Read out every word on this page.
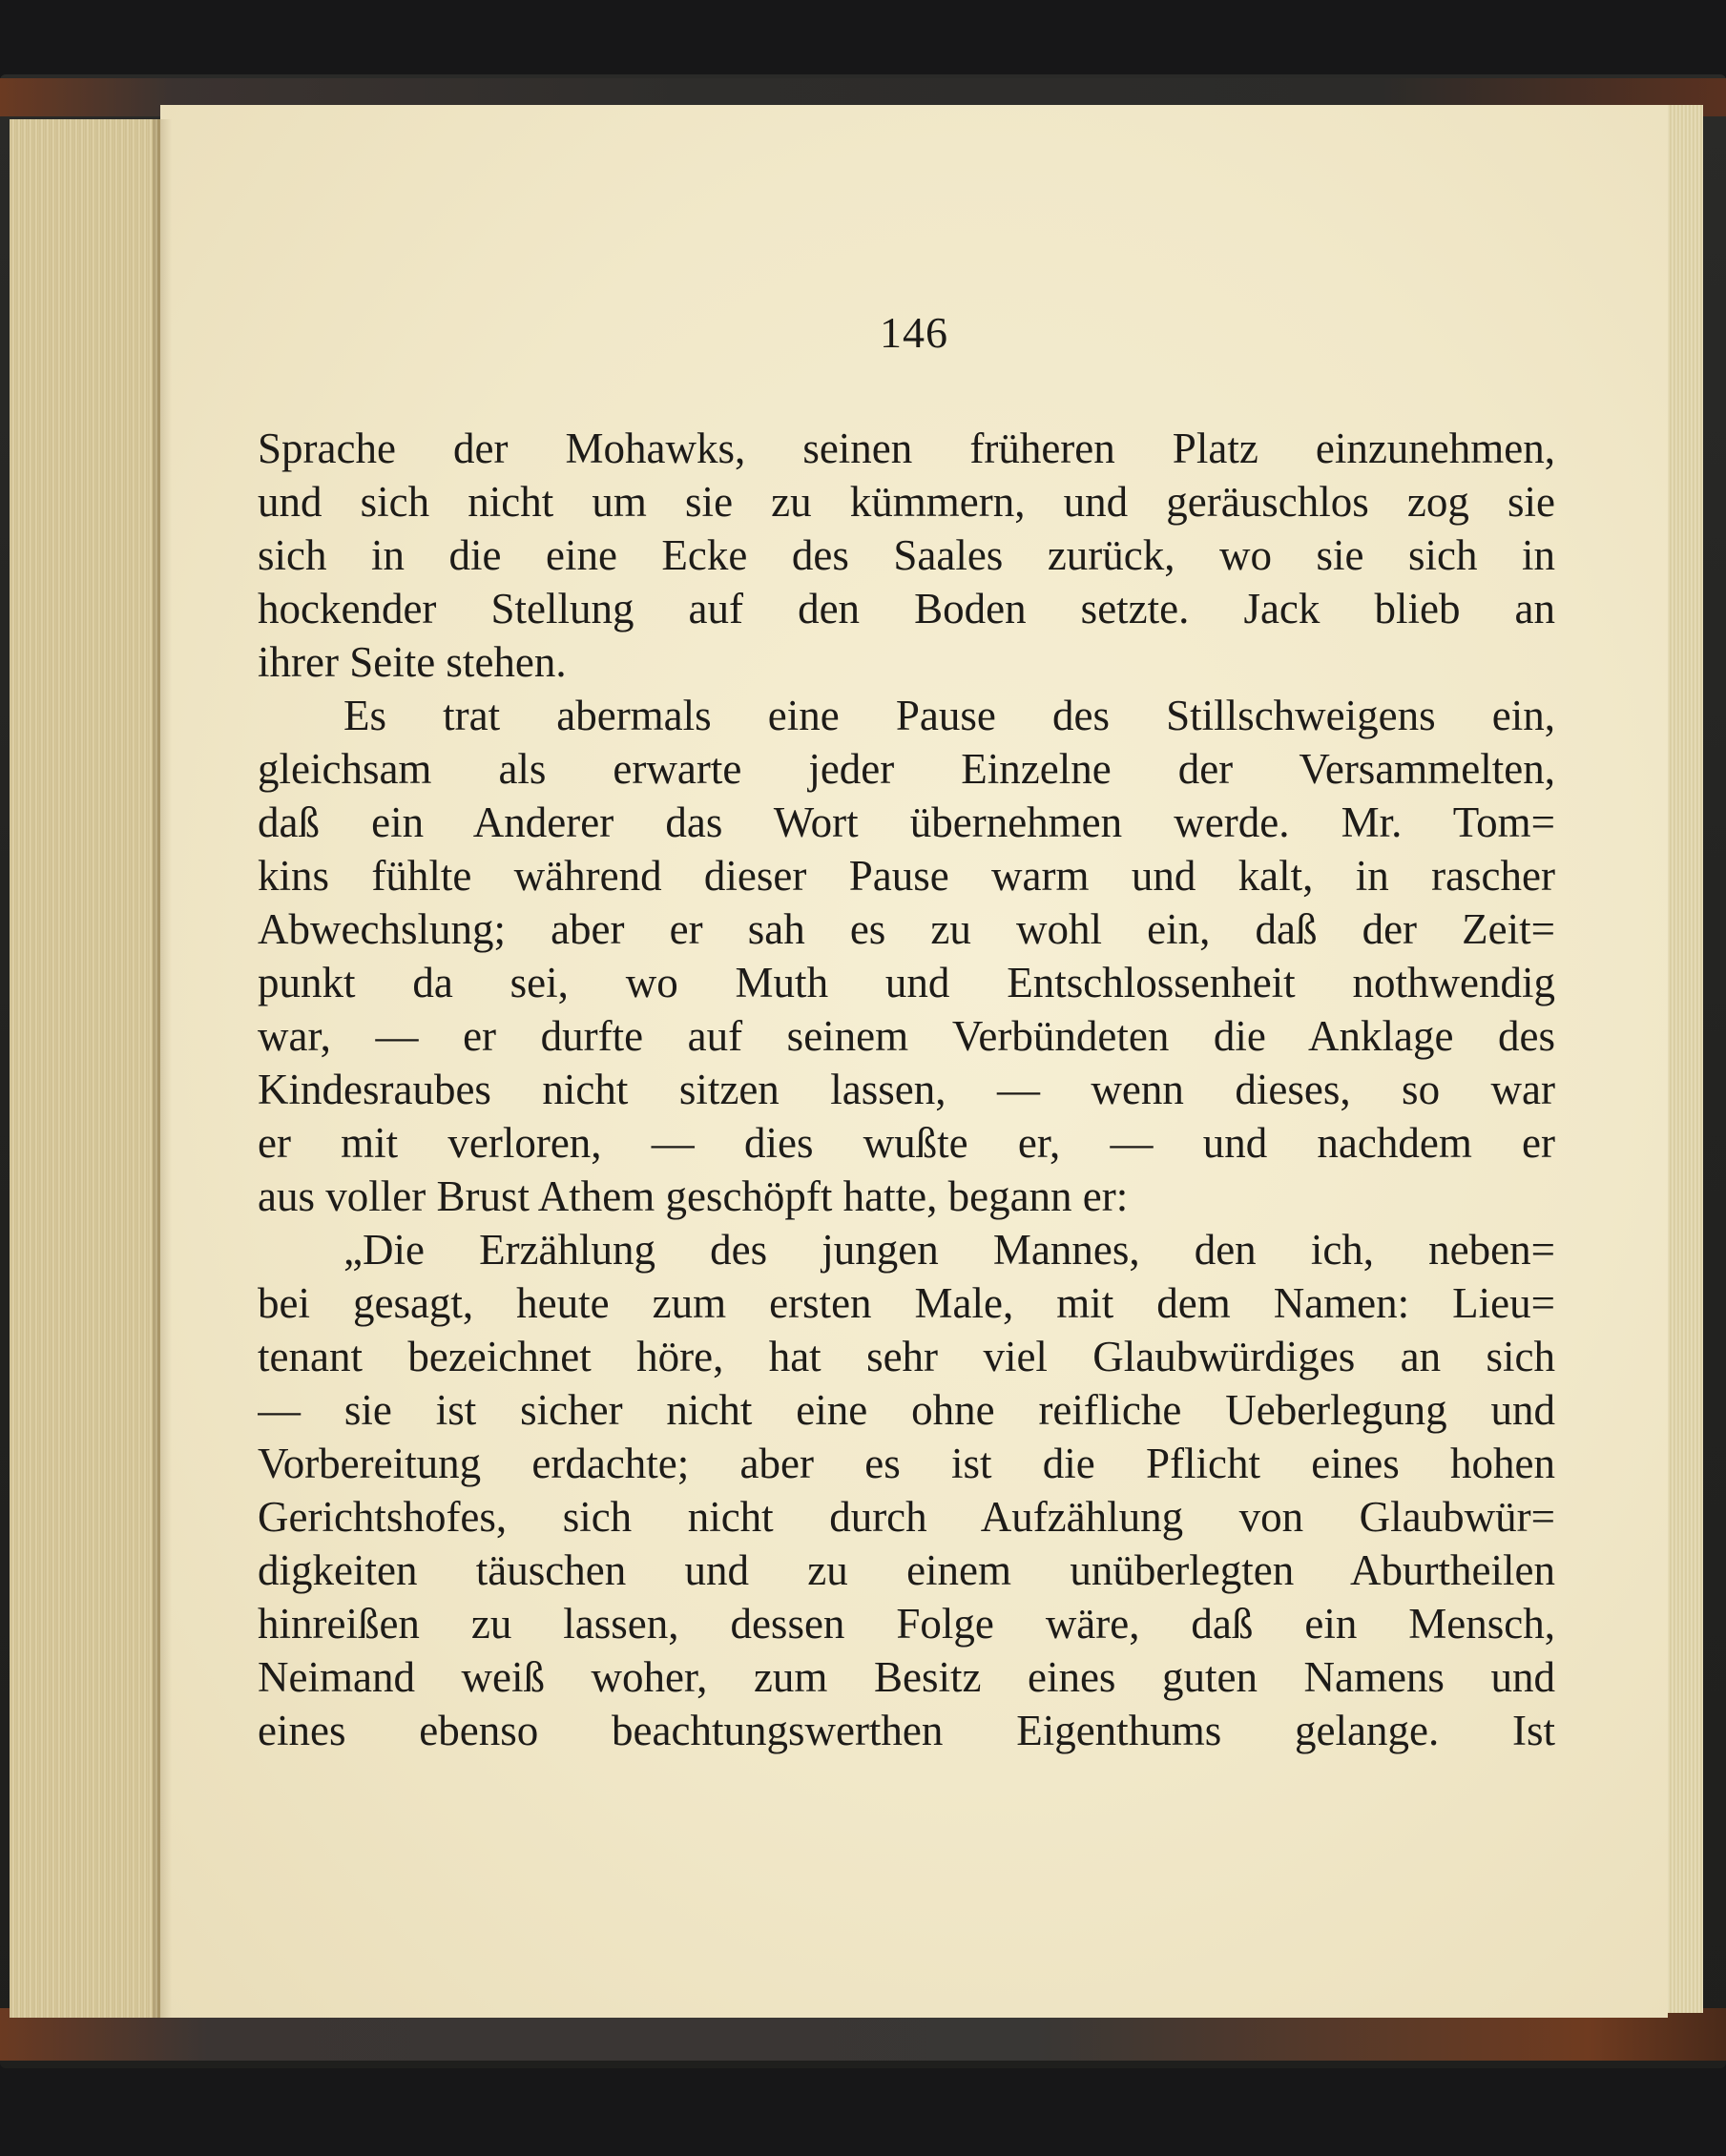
146
Sprache der Mohawks, seinen früheren Platz einzunehmen,
und sich nicht um sie zu kümmern, und geräuschlos zog sie
sich in die eine Ecke des Saales zurück, wo sie sich in
hockender Stellung auf den Boden setzte. Jack blieb an
ihrer Seite stehen.
Es trat abermals eine Pause des Stillschweigens ein,
gleichsam als erwarte jeder Einzelne der Versammelten,
daß ein Anderer das Wort übernehmen werde. Mr. Tom=
kins fühlte während dieser Pause warm und kalt, in rascher
Abwechslung; aber er sah es zu wohl ein, daß der Zeit=
punkt da sei, wo Muth und Entschlossenheit nothwendig
war, — er durfte auf seinem Verbündeten die Anklage des
Kindesraubes nicht sitzen lassen, — wenn dieses, so war
er mit verloren, — dies wußte er, — und nachdem er
aus voller Brust Athem geschöpft hatte, begann er:
„Die Erzählung des jungen Mannes, den ich, neben=
bei gesagt, heute zum ersten Male, mit dem Namen: Lieu=
tenant bezeichnet höre, hat sehr viel Glaubwürdiges an sich
— sie ist sicher nicht eine ohne reifliche Ueberlegung und
Vorbereitung erdachte; aber es ist die Pflicht eines hohen
Gerichtshofes, sich nicht durch Aufzählung von Glaubwür=
digkeiten täuschen und zu einem unüberlegten Aburtheilen
hinreißen zu lassen, dessen Folge wäre, daß ein Mensch,
Neimand weiß woher, zum Besitz eines guten Namens und
eines ebenso beachtungswerthen Eigenthums gelange. Ist
